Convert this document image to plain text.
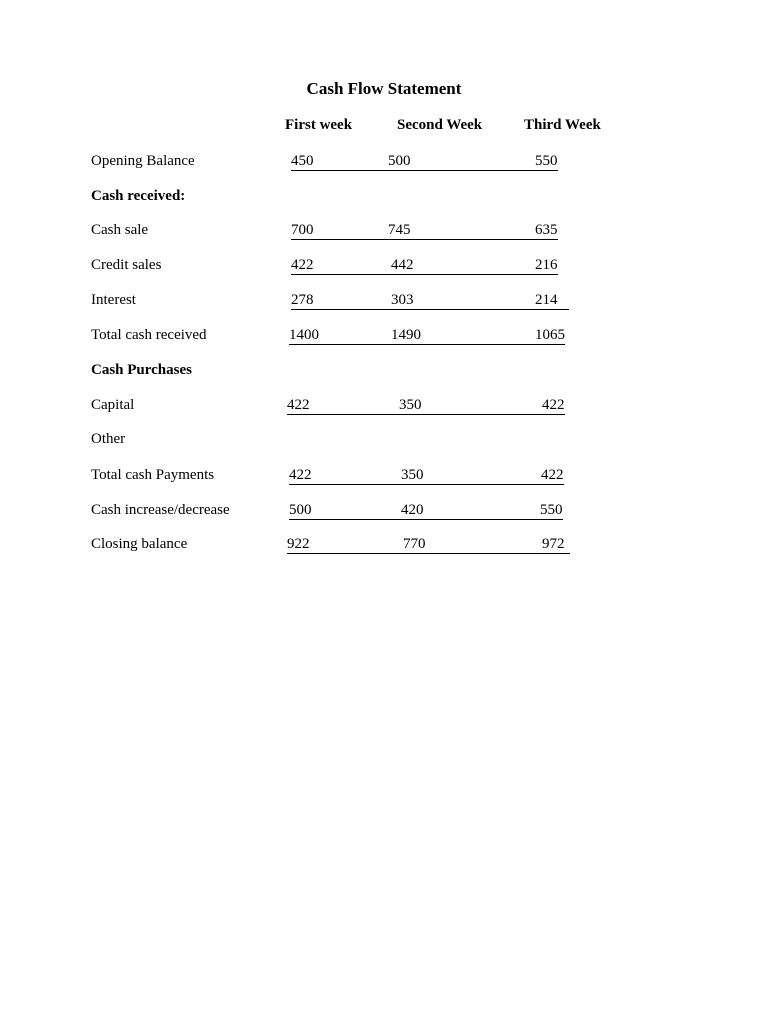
Cash Flow Statement
First week	Second Week	Third Week
Opening Balance	450	500	550
Cash received:
Cash sale	700	745	635
Credit sales	422	442	216
Interest	278	303	214
Total cash received	1400	1490	1065
Cash Purchases
Capital	422	350	422
Other
Total cash Payments	422	350	422
Cash increase/decrease	500	420	550
Closing balance	922	770	972
